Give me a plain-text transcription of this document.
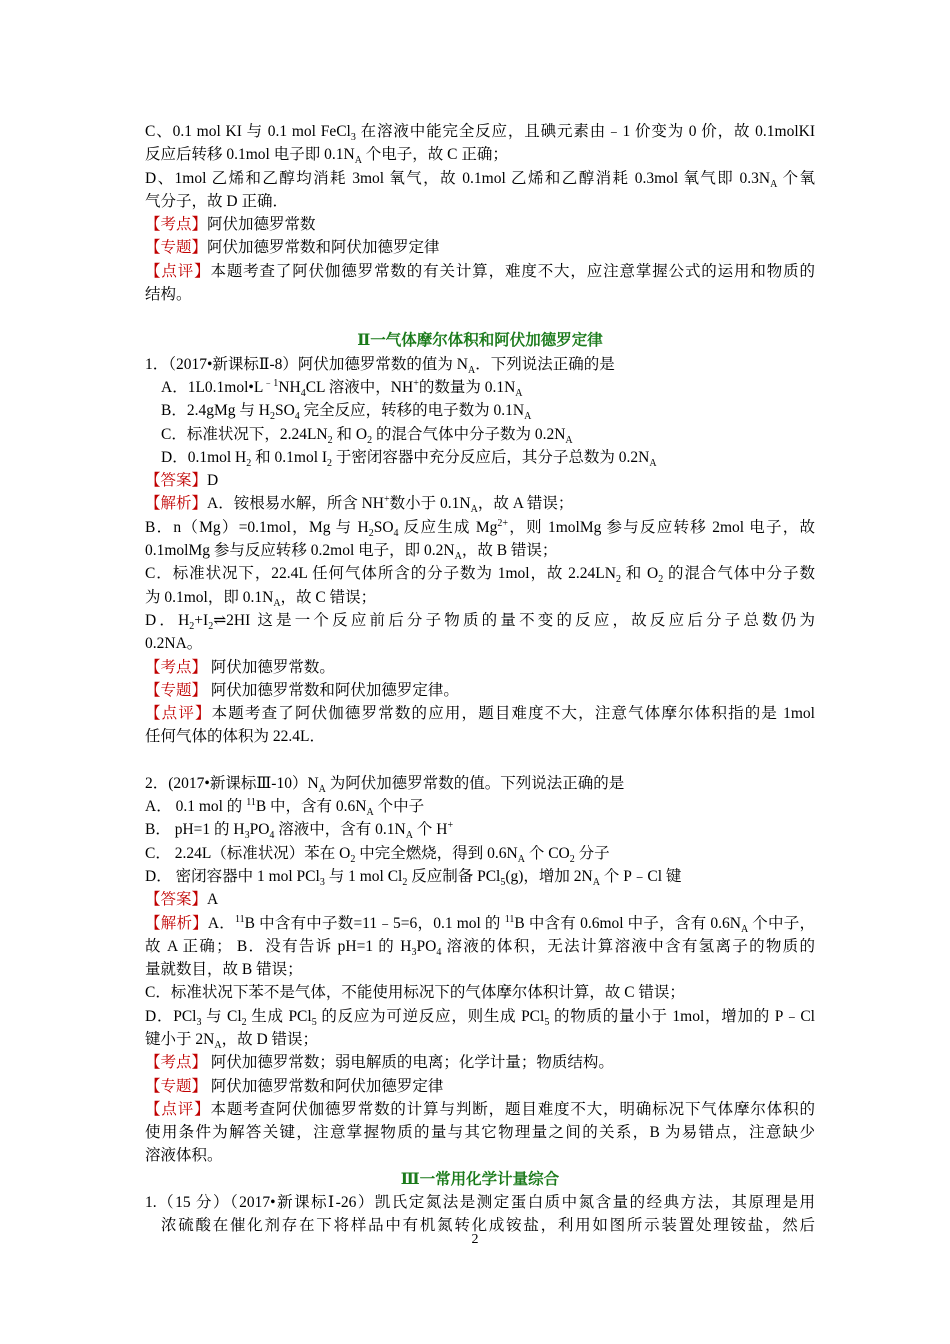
C、0.1 mol KI 与 0.1 mol FeCl$_3$ 在溶液中能完全反应，且碘元素由﹣1 价变为 0 价，故 0.1molKI
反应后转移 0.1mol 电子即 $0.1N_A$ 个电子，故 C 正确；
D、1mol 乙烯和乙醇均消耗 3mol 氧气，故 0.1mol 乙烯和乙醇消耗 0.3mol 氧气即 $0.3N_A$ 个氧
气分子，故 D 正确．
【考点】阿伏加德罗常数
【专题】阿伏加德罗常数和阿伏加德罗定律
【点评】本题考查了阿伏伽德罗常数的有关计算，难度不大，应注意掌握公式的运用和物质的
结构。
Ⅱ一气体摩尔体积和阿伏加德罗定律
1．（2017•新课标Ⅱ-8）阿伏加德罗常数的值为 $N_A$．下列说法正确的是
A．$1L0.1mol•L^{﹣1}NH_4CL$ 溶液中，NH+的数量为 $0.1N_A$
B．2.4gMg 与 $H_2SO_4$ 完全反应，转移的电子数为 $0.1N_A$
C．标准状况下，$2.24LN_2$ 和 $O_2$ 的混合气体中分子数为 $0.2N_A$
D．0.1mol $H_2$ 和 0.1mol $I_2$ 于密闭容器中充分反应后，其分子总数为 $0.2N_A$
【答案】D
【解析】A．铵根易水解，所含 NH+数小于 $0.1N_A$，故 A 错误；
B．n（Mg）=0.1mol，Mg 与 $H_2SO_4$ 反应生成 $Mg^{2+}$，则 1molMg 参与反应转移 2mol 电子，故
0.1molMg 参与反应转移 0.2mol 电子，即 $0.2N_A$，故 B 错误；
C．标准状况下，22.4L 任何气体所含的分子数为 1mol，故 $2.24LN_2$ 和 $O_2$ 的混合气体中分子数
为 0.1mol，即 $0.1N_A$，故 C 错误；
D．$H_2+I_2\rightleftharpoons 2HI$ 这是一个反应前后分子物质的量不变的反应，故反应后分子总数仍为
0.2NA。
【考点】 阿伏加德罗常数。
【专题】 阿伏加德罗常数和阿伏加德罗定律。
【点评】本题考查了阿伏伽德罗常数的应用，题目难度不大，注意气体摩尔体积指的是 1mol
任何气体的体积为 22.4L．
2．(2017•新课标$Ⅲ-10)N_A$ 为阿伏加德罗常数的值。下列说法正确的是
A． 0.1 mol 的 $^{11}$B 中，含有 $0.6N_A$ 个中子
B． pH=1 的 $H_3PO_4$ 溶液中，含有 $0.1N_A$ 个 H+
C． 2.24L（标准状况）苯在 $O_2$ 中完全燃烧，得到 $0.6N_A$ 个 $CO_2$ 分子
D． 密闭容器中 1 mol PCl$_3$ 与 1 mol $Cl_2$ 反应制备 PCl$_5$(g)，增加 $2N_A$ 个 P﹣Cl 键
【答案】A
【解析】A．$^{11}$B 中含有中子数=11﹣5=6，0.1 mol 的 $^{11}$B 中含有 0.6mol 中子，含有 $0.6N_A$ 个中子，
故 A 正确； B．没有告诉 pH=1 的 $H_3PO_4$ 溶液的体积，无法计算溶液中含有氢离子的物质的
量就数目，故 B 错误；
C．标准状况下苯不是气体，不能使用标况下的气体摩尔体积计算，故 C 错误；
D．PCl$_3$ 与 $Cl_2$ 生成 PCl$_5$ 的反应为可逆反应，则生成 PCl$_5$ 的物质的量小于 1mol，增加的 P﹣Cl
键小于 $2N_A$，故 D 错误；
【考点】 阿伏加德罗常数；弱电解质的电离；化学计量；物质结构。
【专题】 阿伏加德罗常数和阿伏加德罗定律
【点评】本题考查阿伏伽德罗常数的计算与判断，题目难度不大，明确标况下气体摩尔体积的
使用条件为解答关键，注意掌握物质的量与其它物理量之间的关系，B 为易错点，注意缺少
溶液体积。
Ⅲ一常用化学计量综合
1.（15 分）（2017•新课标Ⅰ-26）凯氏定氮法是测定蛋白质中氮含量的经典方法，其原理是用
浓硫酸在催化剂存在下将样品中有机氮转化成铵盐，利用如图所示装置处理铵盐，然后
2
